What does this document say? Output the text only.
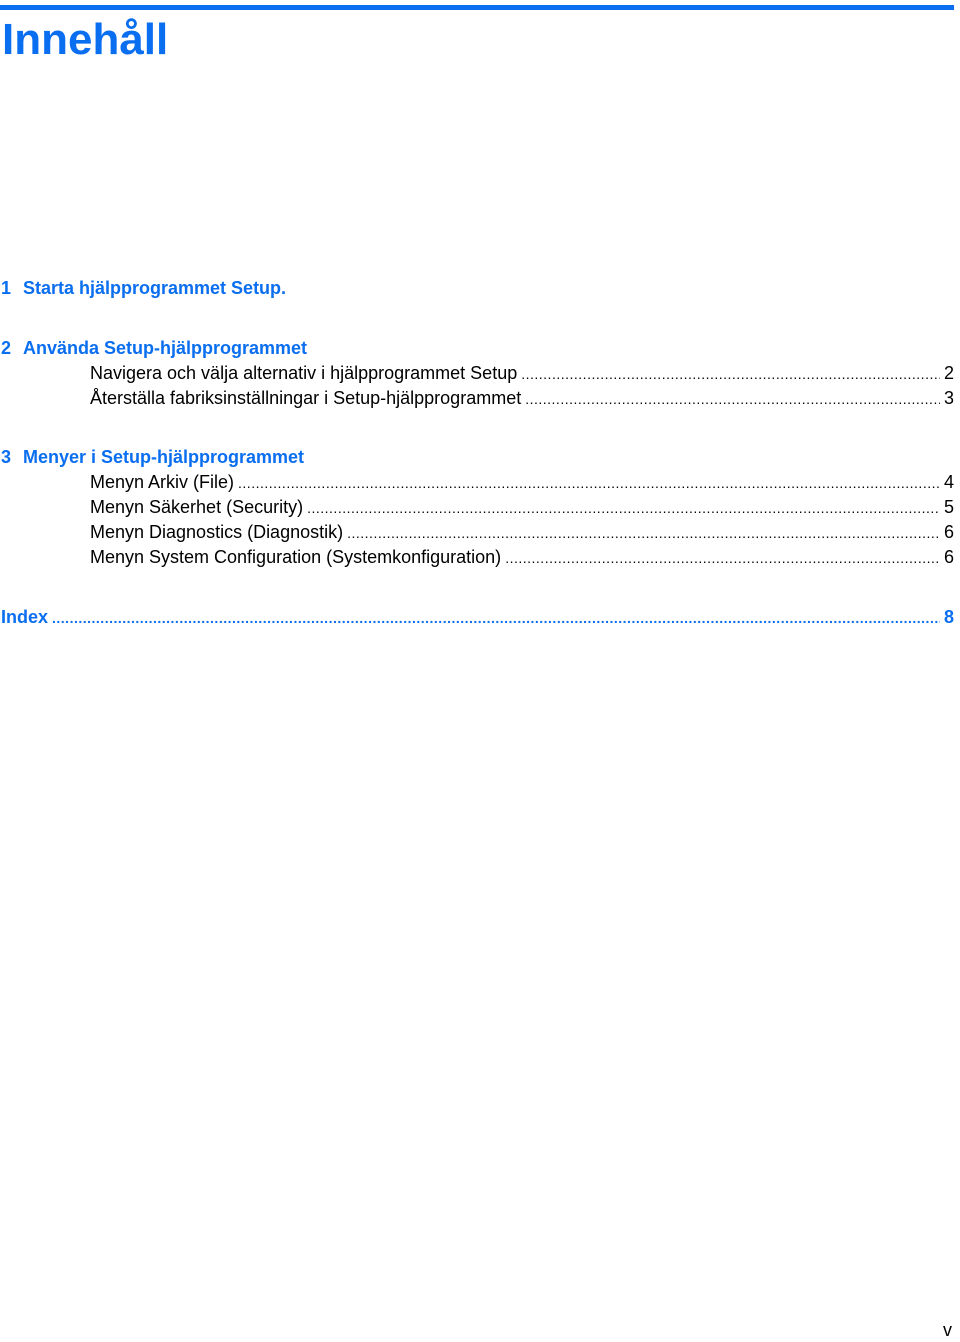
Innehåll
1 Starta hjälpprogrammet Setup.
2 Använda Setup-hjälpprogrammet
Navigera och välja alternativ i hjälpprogrammet Setup .....	2
Återställa fabriksinställningar i Setup-hjälpprogrammet .....	3
3 Menyer i Setup-hjälpprogrammet
Menyn Arkiv (File) .....	4
Menyn Säkerhet (Security) .....	5
Menyn Diagnostics (Diagnostik) .....	6
Menyn System Configuration (Systemkonfiguration) .....	6
Index .....	8
v
